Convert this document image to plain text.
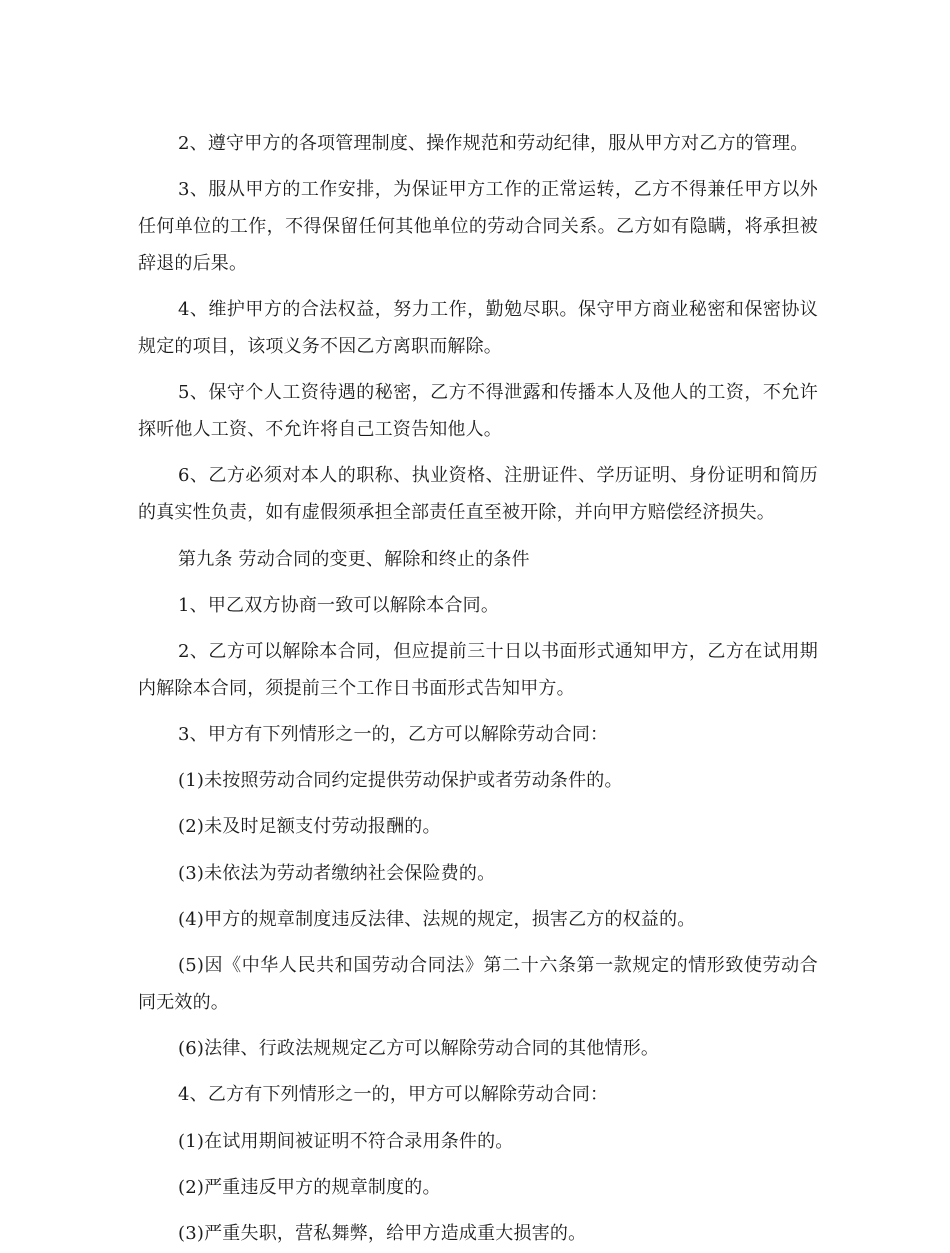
2、遵守甲方的各项管理制度、操作规范和劳动纪律，服从甲方对乙方的管理。

3、服从甲方的工作安排，为保证甲方工作的正常运转，乙方不得兼任甲方以外任何单位的工作，不得保留任何其他单位的劳动合同关系。乙方如有隐瞒，将承担被辞退的后果。

4、维护甲方的合法权益，努力工作，勤勉尽职。保守甲方商业秘密和保密协议规定的项目，该项义务不因乙方离职而解除。

5、保守个人工资待遇的秘密，乙方不得泄露和传播本人及他人的工资，不允许探听他人工资、不允许将自己工资告知他人。

6、乙方必须对本人的职称、执业资格、注册证件、学历证明、身份证明和简历的真实性负责，如有虚假须承担全部责任直至被开除，并向甲方赔偿经济损失。

第九条 劳动合同的变更、解除和终止的条件

1、甲乙双方协商一致可以解除本合同。

2、乙方可以解除本合同，但应提前三十日以书面形式通知甲方，乙方在试用期内解除本合同，须提前三个工作日书面形式告知甲方。

3、甲方有下列情形之一的，乙方可以解除劳动合同：

(1)未按照劳动合同约定提供劳动保护或者劳动条件的。

(2)未及时足额支付劳动报酬的。

(3)未依法为劳动者缴纳社会保险费的。

(4)甲方的规章制度违反法律、法规的规定，损害乙方的权益的。

(5)因《中华人民共和国劳动合同法》第二十六条第一款规定的情形致使劳动合同无效的。

(6)法律、行政法规规定乙方可以解除劳动合同的其他情形。

4、乙方有下列情形之一的，甲方可以解除劳动合同：

(1)在试用期间被证明不符合录用条件的。

(2)严重违反甲方的规章制度的。

(3)严重失职，营私舞弊，给甲方造成重大损害的。
